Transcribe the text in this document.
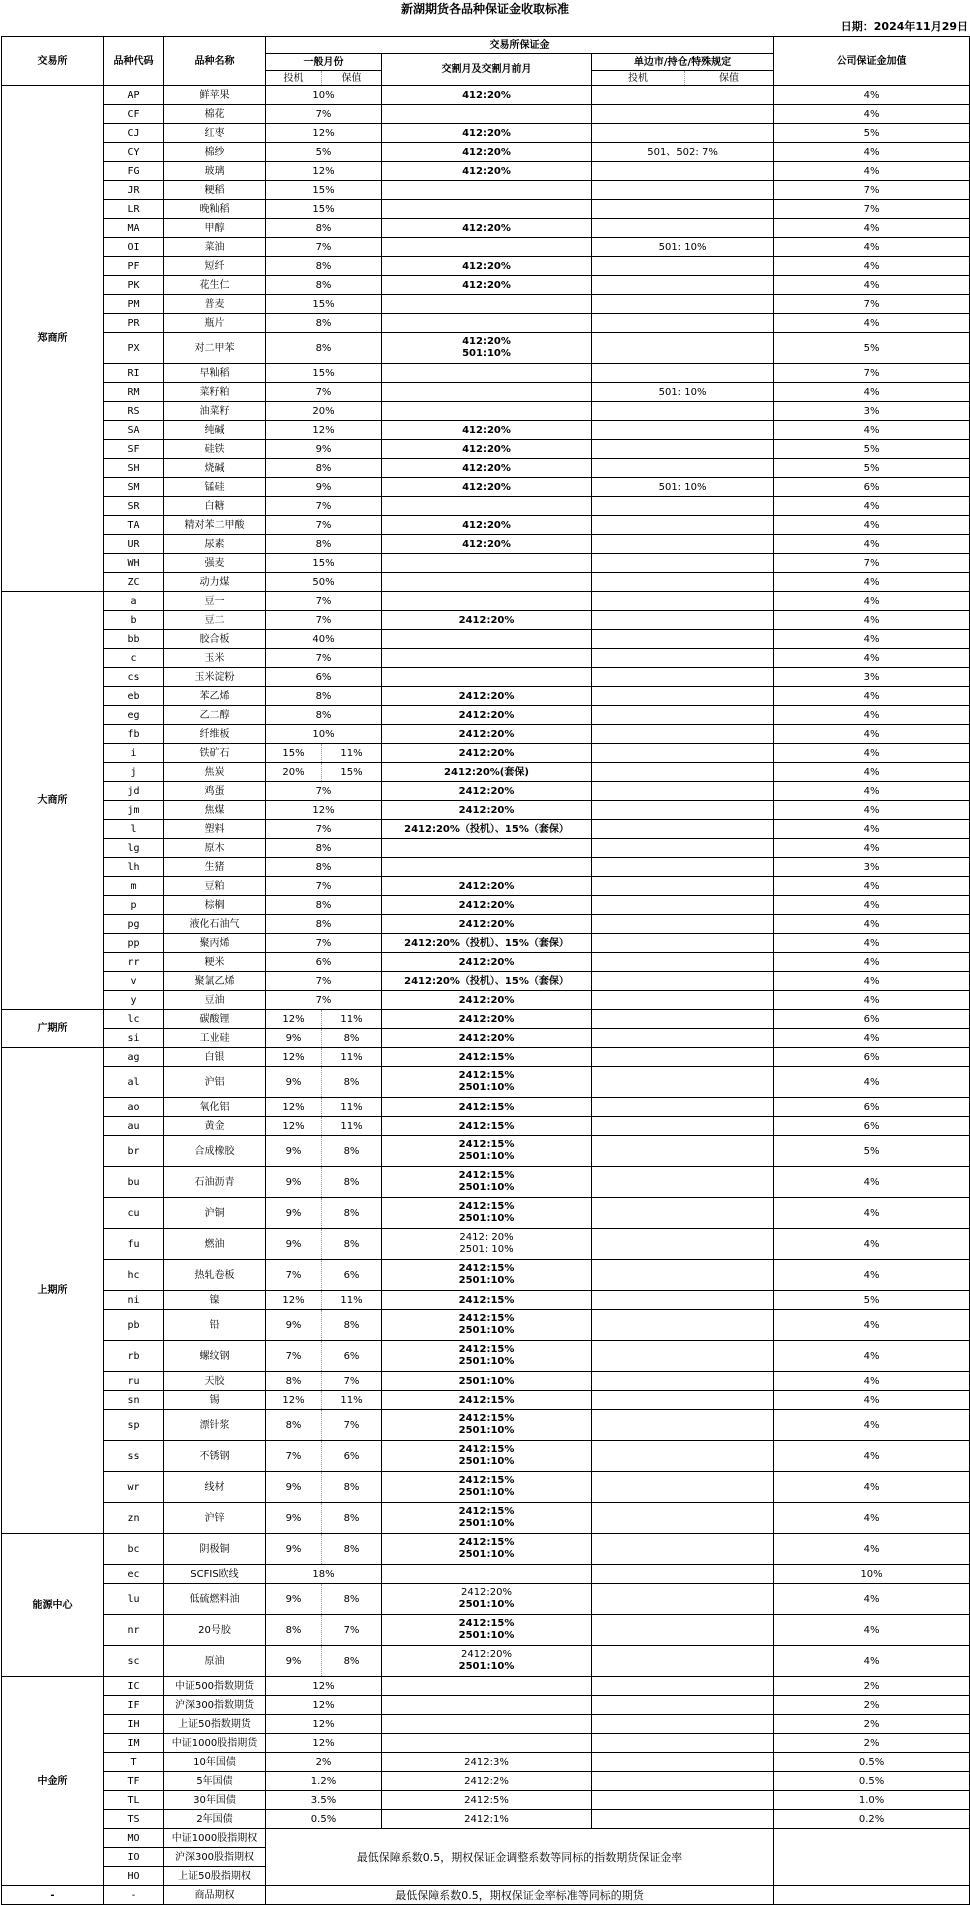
新湖期货各品种保证金收取标准
日期：2024年11月29日
交易所	品种代码	品种名称	交易所保证金					公司保证金加值
			一般月份		交割月及交割月前月	单边市/持仓/特殊规定		
			投机	保值		投机	保值	
郑商所	AP	鲜苹果	10%		412:20%			4%
	CF	棉花	7%					4%
	CJ	红枣	12%		412:20%			5%
	CY	棉纱	5%		412:20%	501、502: 7%		4%
	FG	玻璃	12%		412:20%			4%
	JR	粳稻	15%					7%
	LR	晚籼稻	15%					7%
	MA	甲醇	8%		412:20%			4%
	OI	菜油	7%			501: 10%		4%
	PF	短纤	8%		412:20%			4%
	PK	花生仁	8%		412:20%			4%
	PM	普麦	15%					7%
	PR	瓶片	8%					4%
	PX	对二甲苯	8%		412:20%
501:10%			5%
	RI	早籼稻	15%					7%
	RM	菜籽粕	7%			501: 10%		4%
	RS	油菜籽	20%					3%
	SA	纯碱	12%		412:20%			4%
	SF	硅铁	9%		412:20%			5%
	SH	烧碱	8%		412:20%			5%
	SM	锰硅	9%		412:20%	501: 10%		6%
	SR	白糖	7%					4%
	TA	精对苯二甲酸	7%		412:20%			4%
	UR	尿素	8%		412:20%			4%
	WH	强麦	15%					7%
	ZC	动力煤	50%					4%
大商所	a	豆一	7%					4%
	b	豆二	7%		2412:20%			4%
	bb	胶合板	40%					4%
	c	玉米	7%					4%
	cs	玉米淀粉	6%					3%
	eb	苯乙烯	8%		2412:20%			4%
	eg	乙二醇	8%		2412:20%			4%
	fb	纤维板	10%		2412:20%			4%
	i	铁矿石	15%	11%	2412:20%			4%
	j	焦炭	20%	15%	2412:20%(套保)			4%
	jd	鸡蛋	7%		2412:20%			4%
	jm	焦煤	12%		2412:20%			4%
	l	塑料	7%		2412:20%（投机）、15%（套保）			4%
	lg	原木	8%					4%
	lh	生猪	8%					3%
	m	豆粕	7%		2412:20%			4%
	p	棕榈	8%		2412:20%			4%
	pg	液化石油气	8%		2412:20%			4%
	pp	聚丙烯	7%		2412:20%（投机）、15%（套保）			4%
	rr	粳米	6%		2412:20%			4%
	v	聚氯乙烯	7%		2412:20%（投机）、15%（套保）			4%
	y	豆油	7%		2412:20%			4%
广期所	lc	碳酸锂	12%	11%	2412:20%			6%
	si	工业硅	9%	8%	2412:20%			4%
上期所	ag	白银	12%	11%	2412:15%			6%
	al	沪铝	9%	8%	2412:15%
2501:10%			4%
	ao	氧化铝	12%	11%	2412:15%			6%
	au	黄金	12%	11%	2412:15%			6%
	br	合成橡胶	9%	8%	2412:15%
2501:10%			5%
	bu	石油沥青	9%	8%	2412:15%
2501:10%			4%
	cu	沪铜	9%	8%	2412:15%
2501:10%			4%
	fu	燃油	9%	8%	2412: 20%
2501: 10%			4%
	hc	热轧卷板	7%	6%	2412:15%
2501:10%			4%
	ni	镍	12%	11%	2412:15%			5%
	pb	铅	9%	8%	2412:15%
2501:10%			4%
	rb	螺纹钢	7%	6%	2412:15%
2501:10%			4%
	ru	天胶	8%	7%	2501:10%			4%
	sn	锡	12%	11%	2412:15%			4%
	sp	漂针浆	8%	7%	2412:15%
2501:10%			4%
	ss	不锈钢	7%	6%	2412:15%
2501:10%			4%
	wr	线材	9%	8%	2412:15%
2501:10%			4%
	zn	沪锌	9%	8%	2412:15%
2501:10%			4%
能源中心	bc	阴极铜	9%	8%	2412:15%
2501:10%			4%
	ec	SCFIS欧线	18%					10%
	lu	低硫燃料油	9%	8%	2412:20%
2501:10%			4%
	nr	20号胶	8%	7%	2412:15%
2501:10%			4%
	sc	原油	9%	8%	2412:20%
2501:10%			4%
中金所	IC	中证500指数期货	12%					2%
	IF	沪深300指数期货	12%					2%
	IH	上证50指数期货	12%					2%
	IM	中证1000股指期货	12%					2%
	T	10年国债	2%		2412:3%			0.5%
	TF	5年国债	1.2%		2412:2%			0.5%
	TL	30年国债	3.5%		2412:5%			1.0%
	TS	2年国债	0.5%		2412:1%			0.2%
	MO	中证1000股指期权	最低保障系数0.5，期权保证金调整系数等同标的指数期货保证金率					
	IO	沪深300股指期权						
	HO	上证50股指期权						
-	-	商品期权	最低保障系数0.5，期权保证金率标准等同标的期货					
